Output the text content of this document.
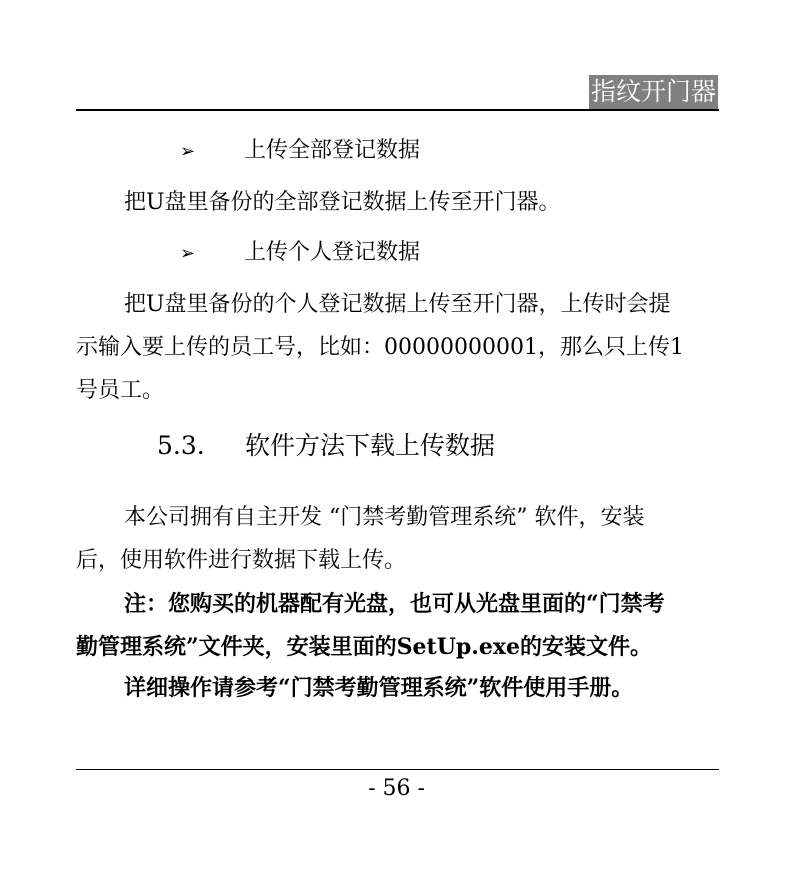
指纹开门器
➢ 上传全部登记数据
把U盘里备份的全部登记数据上传至开门器。
➢ 上传个人登记数据
把U盘里备份的个人登记数据上传至开门器，上传时会提
示输入要上传的员工号，比如：00000000001，那么只上传1
号员工。
5.3. 软件方法下载上传数据
本公司拥有自主开发 “门禁考勤管理系统” 软件，安装
后，使用软件进行数据下载上传。
注：您购买的机器配有光盘，也可从光盘里面的“门禁考
勤管理系统”文件夹，安装里面的SetUp.exe的安装文件。
详细操作请参考“门禁考勤管理系统”软件使用手册。
- 56 -
